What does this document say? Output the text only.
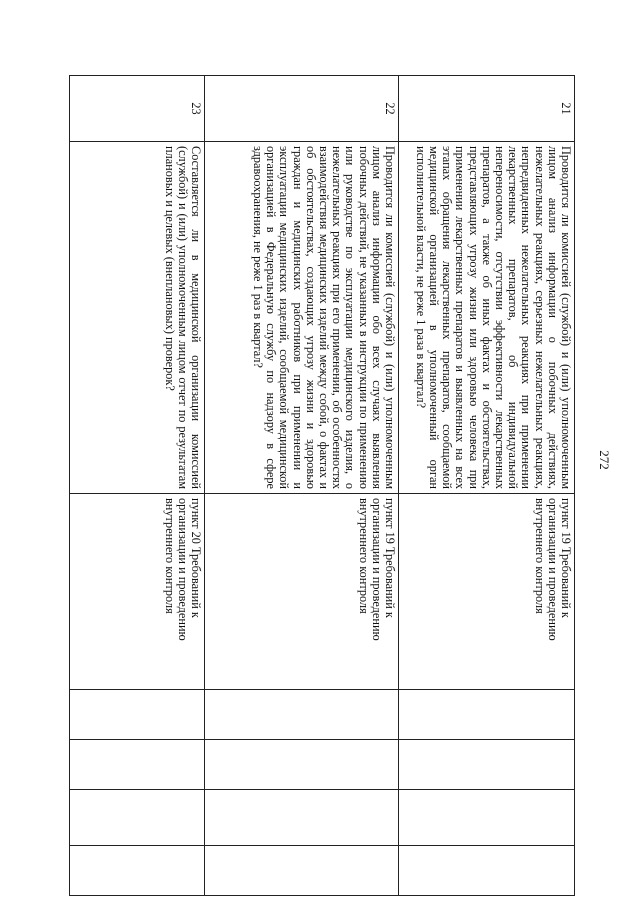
272
21	Проводится ли комиссией (службой) и (или) уполномоченным лицом анализ информации о побочных действиях, нежелательных реакциях, серьезных нежелательных реакциях, непредвиденных нежелательных реакциях при применении лекарственных препаратов, об индивидуальной непереносимости, отсутствии эффективности лекарственных препаратов, а также об иных фактах и обстоятельствах, представляющих угрозу жизни или здоровью человека при применении лекарственных препаратов и выявленных на всех этапах обращения лекарственных препаратов, сообщаемой медицинской организацией в уполномоченный орган исполнительной власти, не реже 1 раза в квартал?	пункт 19 Требований к организации и проведению внутреннего контроля				
22	Проводится ли комиссией (службой) и (или) уполномоченным лицом анализ информации обо всех случаях выявления побочных действий, не указанных в инструкции по применению или руководстве по эксплуатации медицинского изделия, о нежелательных реакциях при его применении, об особенностях взаимодействия медицинских изделий между собой, о фактах и об обстоятельствах, создающих угрозу жизни и здоровью граждан и медицинских работников при применении и эксплуатации медицинских изделий, сообщаемой медицинской организацией в Федеральную службу по надзору в сфере здравоохранения, не реже 1 раз в квартал?	пункт 19 Требований к организации и проведению внутреннего контроля				
23	Составляется ли в медицинской организации комиссией (службой) и (или) уполномоченным лицом отчет по результатам плановых и целевых (внеплановых) проверок?	пункт 20 Требований к организации и проведению внутреннего контроля				
